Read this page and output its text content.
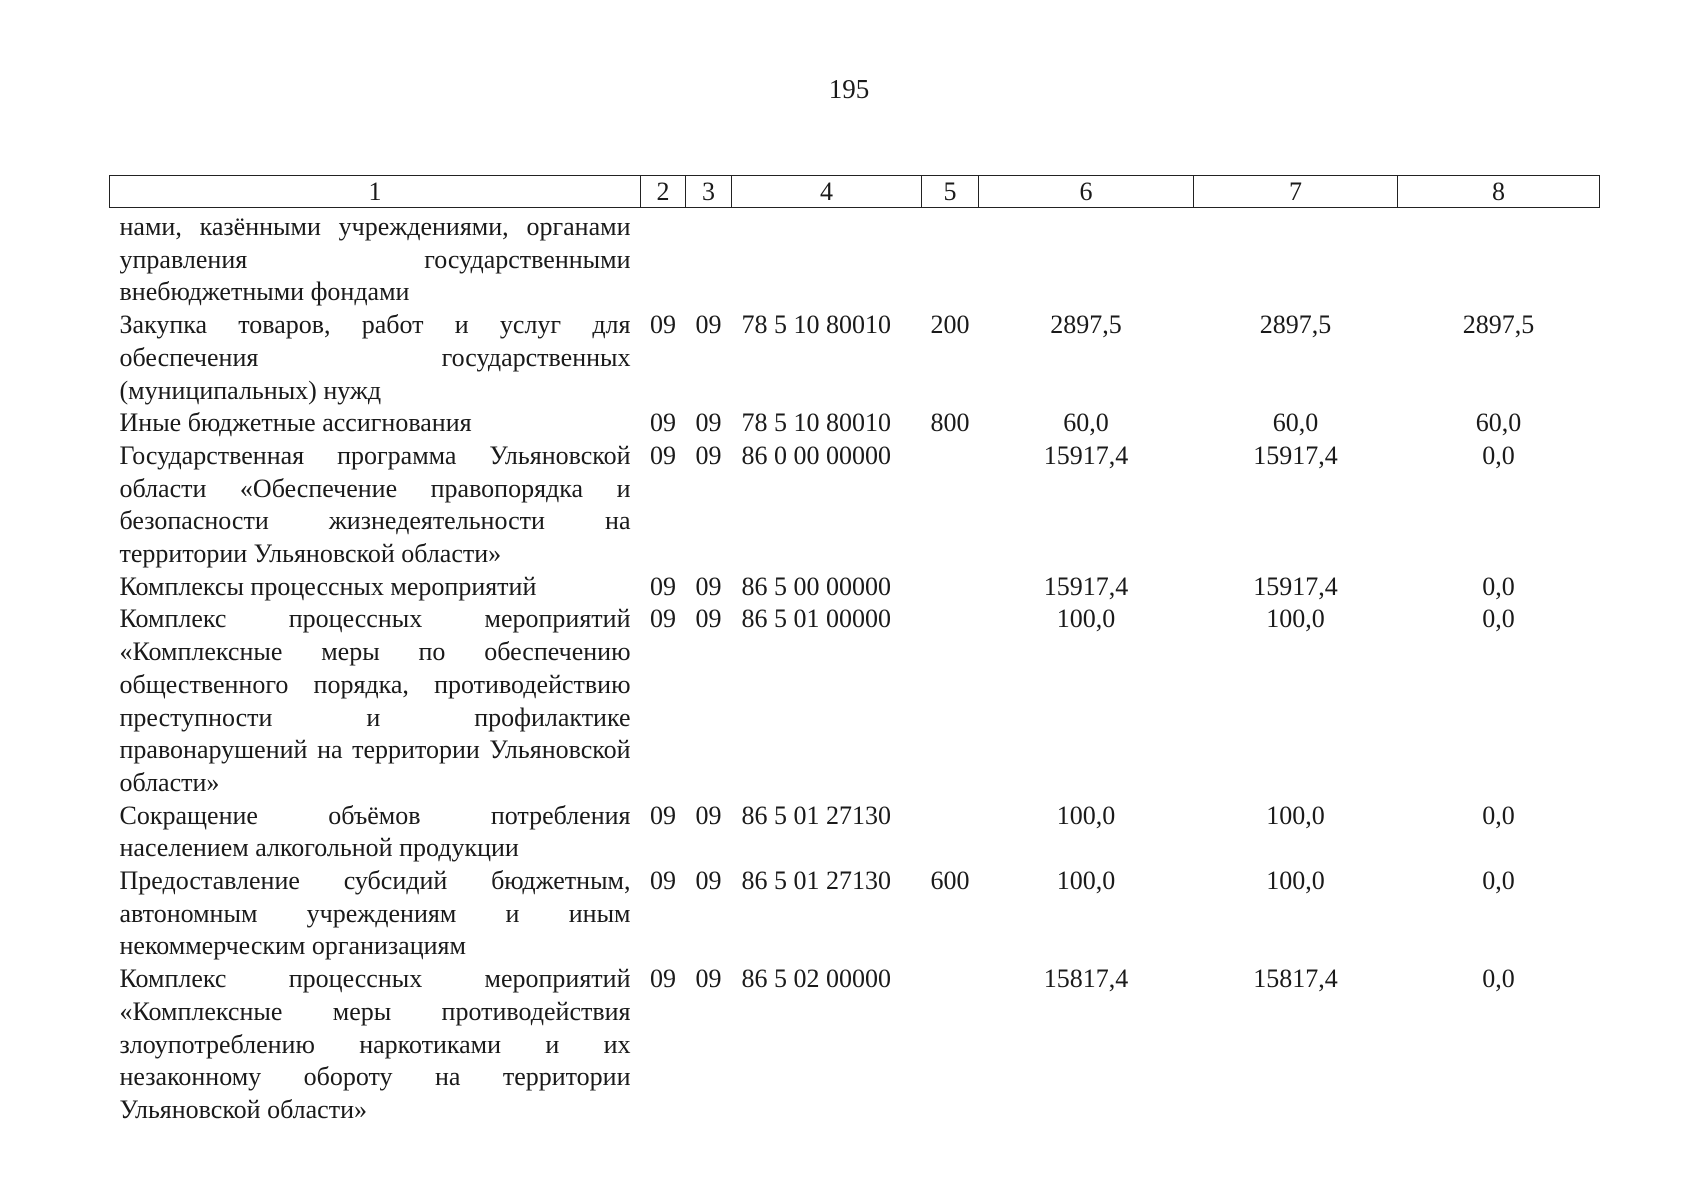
195
1	2	3	4	5	6	7	8
нами, казёнными учреждениями, органами управления государственными внебюджетными фондами							
Закупка товаров, работ и услуг для обеспечения государственных (муниципальных) нужд	09	09	78 5 10 80010	200	2897,5	2897,5	2897,5
Иные бюджетные ассигнования	09	09	78 5 10 80010	800	60,0	60,0	60,0
Государственная программа Ульяновской области «Обеспечение правопорядка и безопасности жизнедеятельности на территории Ульяновской области»	09	09	86 0 00 00000		15917,4	15917,4	0,0
Комплексы процессных мероприятий	09	09	86 5 00 00000		15917,4	15917,4	0,0
Комплекс процессных мероприятий «Комплексные меры по обеспечению общественного порядка, противодействию преступности и профилактике правонарушений на территории Ульяновской области»	09	09	86 5 01 00000		100,0	100,0	0,0
Сокращение объёмов потребления населением алкогольной продукции	09	09	86 5 01 27130		100,0	100,0	0,0
Предоставление субсидий бюджетным, автономным учреждениям и иным некоммерческим организациям	09	09	86 5 01 27130	600	100,0	100,0	0,0
Комплекс процессных мероприятий «Комплексные меры противодействия злоупотреблению наркотиками и их незаконному обороту на территории Ульяновской области»	09	09	86 5 02 00000		15817,4	15817,4	0,0
